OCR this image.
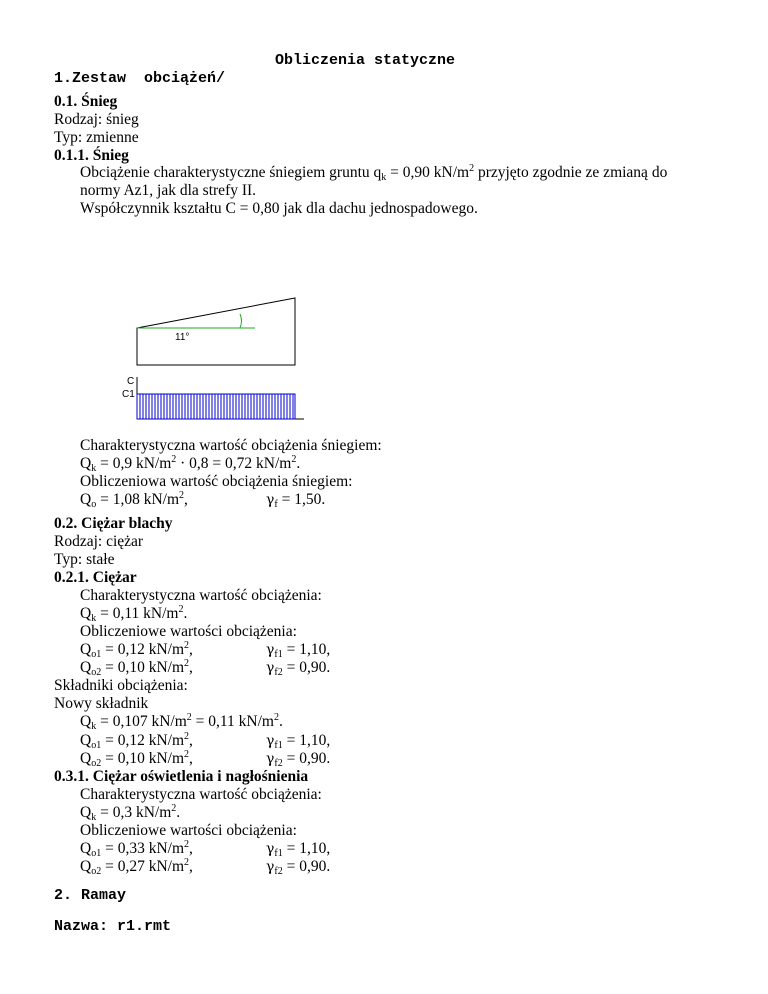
Obliczenia statyczne
1.Zestaw  obciążeń/
0.1. Śnieg
Rodzaj: śnieg
Typ: zmienne
0.1.1. Śnieg
Obciążenie charakterystyczne śniegiem gruntu $q_k = 0,90$ $kN/m^2$ przyjęto zgodnie ze zmianą do
normy Az1, jak dla strefy II.
Współczynnik kształtu C = 0,80 jak dla dachu jednospadowego.
11°
C
C1
Charakterystyczna wartość obciążenia śniegiem:
$Q_k = 0,9$ $kN/m^2 \cdot 0,8 = 0,72$ $kN/m^2$.
Obliczeniowa wartość obciążenia śniegiem:
$Q_o = 1,08$ $kN/m^2$,	$\gamma_f = 1,50$.
0.2. Ciężar blachy
Rodzaj: ciężar
Typ: stałe
0.2.1. Ciężar
Charakterystyczna wartość obciążenia:
$Q_k = 0,11$ $kN/m^2$.
Obliczeniowe wartości obciążenia:
$Q_{o1} = 0,12$ $kN/m^2$,	$\gamma_{f1} = 1,10$,
$Q_{o2} = 0,10$ $kN/m^2$,	$\gamma_{f2} = 0,90$.
Składniki obciążenia:
Nowy składnik
$Q_k = 0,107$ $kN/m^2 = 0,11$ $kN/m^2$.
$Q_{o1} = 0,12$ $kN/m^2$,	$\gamma_{f1} = 1,10$,
$Q_{o2} = 0,10$ $kN/m^2$,	$\gamma_{f2} = 0,90$.
0.3.1. Ciężar oświetlenia i nagłośnienia
Charakterystyczna wartość obciążenia:
$Q_k = 0,3$ $kN/m^2$.
Obliczeniowe wartości obciążenia:
$Q_{o1} = 0,33$ $kN/m^2$,	$\gamma_{f1} = 1,10$,
$Q_{o2} = 0,27$ $kN/m^2$,	$\gamma_{f2} = 0,90$.
2. Ramay
Nazwa: r1.rmt
